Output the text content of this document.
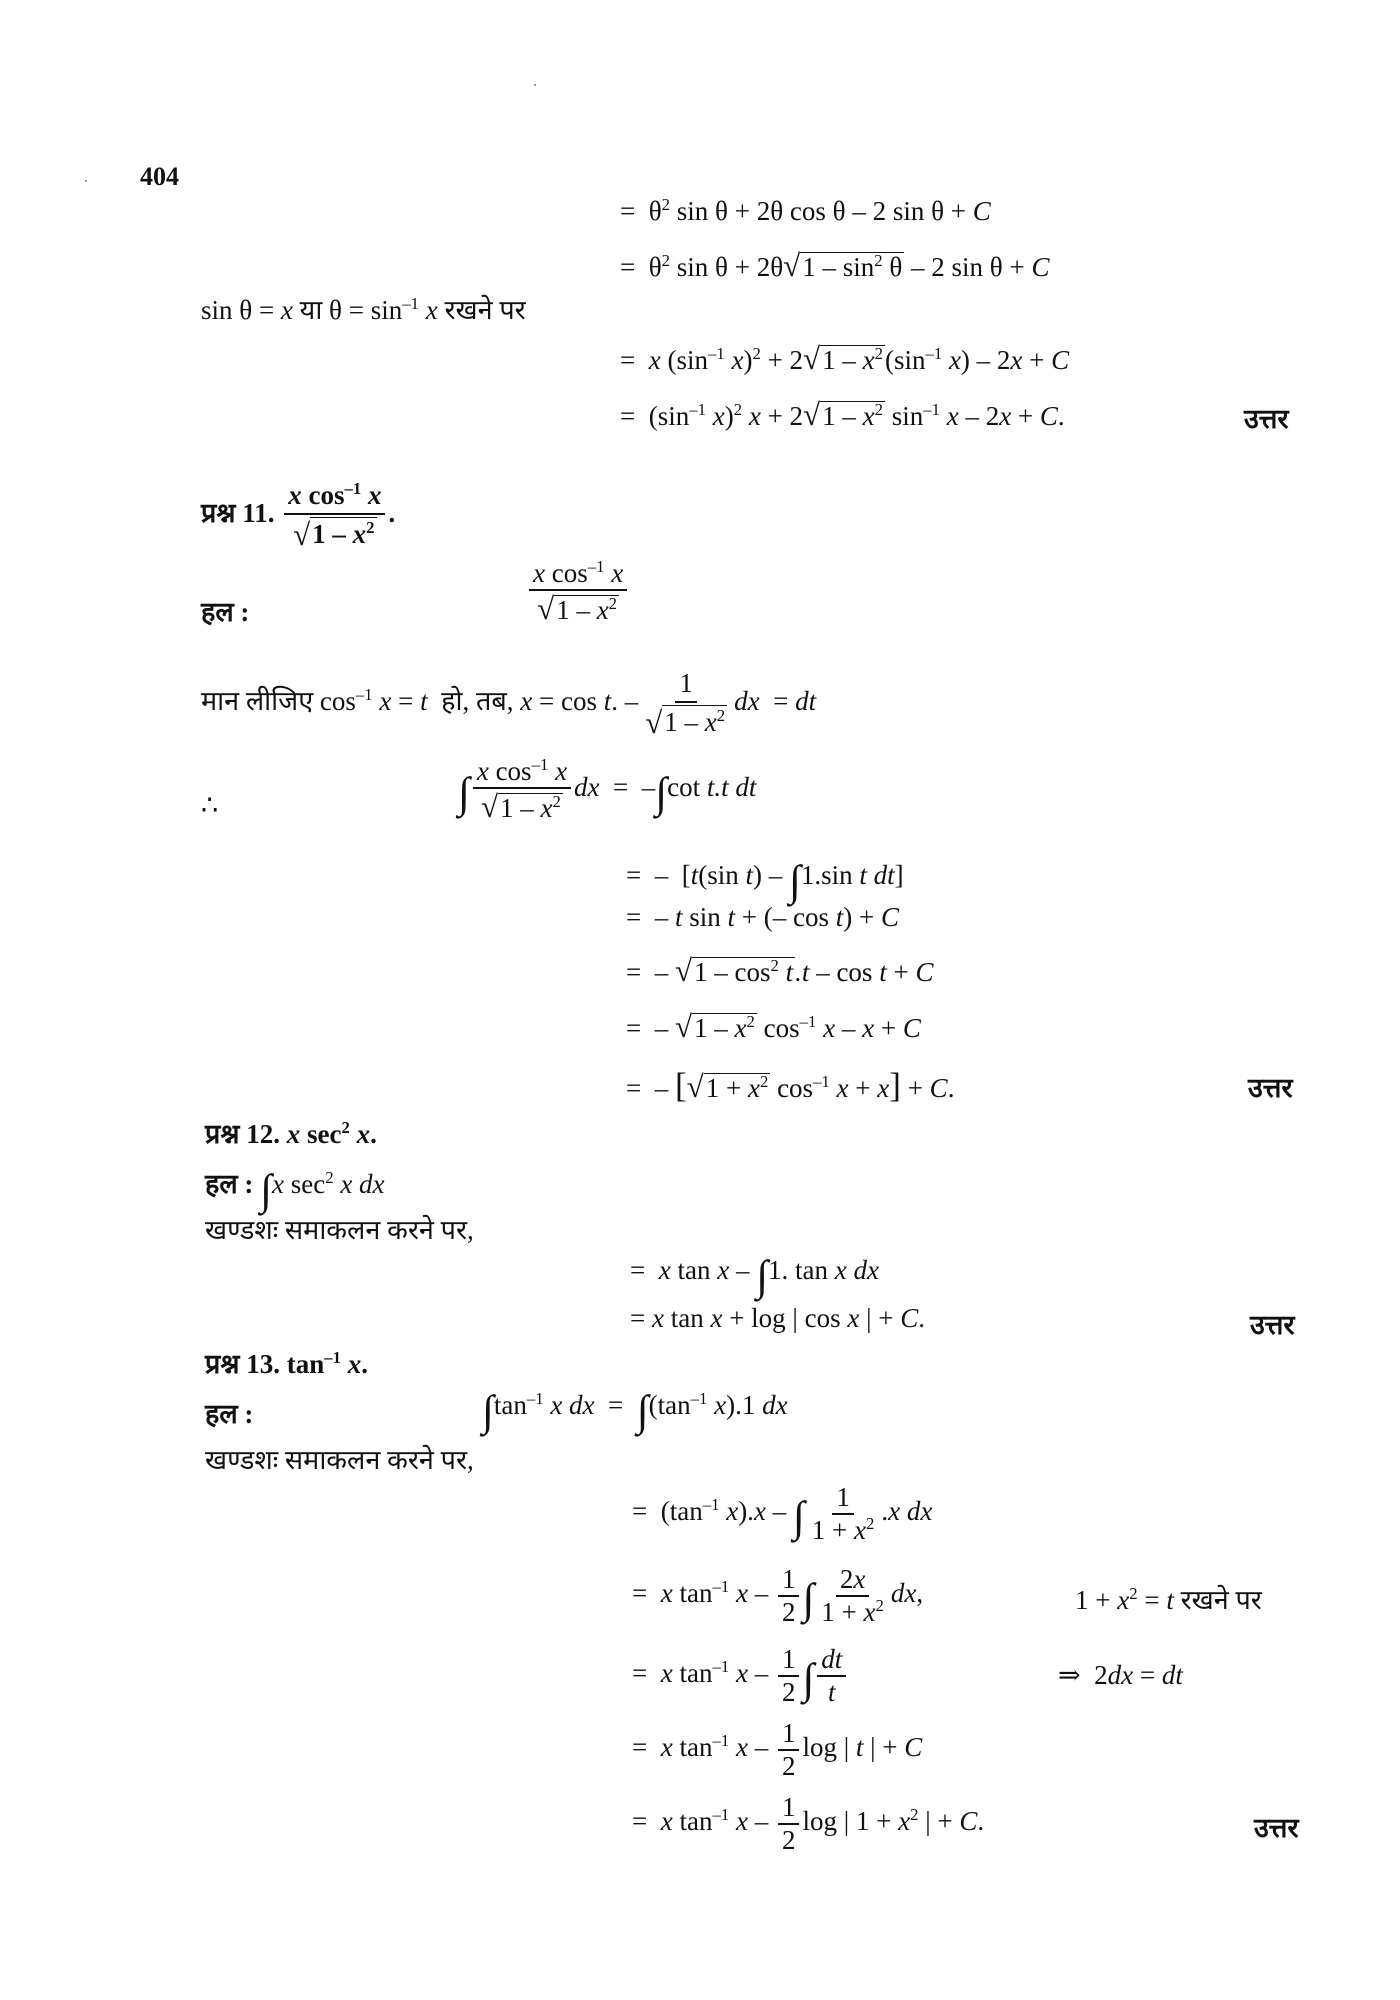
404
=  $\theta^2$ sin θ + 2θ cos θ – 2 sin θ + C
=  $\theta^2$ sin θ + 2θ √ $1 - \sin^2 \theta - 2$ sin θ + C
sin θ = x या $\theta = \sin^{-1} x$ रखने पर
=  x ($\sin^{-1}$ x)$^2$ + 2 √ $1 - x^2$ ($\sin^{-1}$ x) – 2x + C
=  ($\sin^{-1}$ x)$^2$ x + 2 √ $1 - x^2$ $\sin^{-1} x - 2x + C$.	उत्तर
प्रश्न 11. $\frac{x \cos^{-1} x}{√ 1 - x^2}$ .
हल :	$\frac{x \cos^{-1} x}{√ 1 - x^2}$
मान लीजिए $\cos^{-1} x = t$  हो, तब, x = cos t. – $\frac{1}{√ 1 - x^2}$ dx  = dt
∴	∫ $\frac{x \cos^{-1} x}{√ 1 - x^2}$ dx  =  –∫cot t.t dt
=  –  [t(sin t) – ∫1.sin t dt]
=  – t sin t + (– cos t) + C
=  – √ $1 - \cos^2 t$ .t – cos t + C
=  – √ $1 - x^2$ $\cos^{-1} x - x + C$
=  – [ √ $1 + x^2$ $\cos^{-1} x + x] + C$.	उत्तर
प्रश्न 12. x $\sec^2 x$.
हल : ∫x $\sec^2 x$ dx
खण्डशः समाकलन करने पर,
=  x tan x – ∫1. tan x dx
= x tan x + log | cos x | + C.	उत्तर
प्रश्न 13. $\tan^{-1} x$.
हल :	$\int\tan^{-1}$ x dx  =  $\int(\tan^{-1}$ x).1 dx
खण्डशः समाकलन करने पर,
=  ($\tan^{-1}$ x).x – ∫ $\frac{1}{1 + x^2} .x$ dx
=  x $\tan^{-1} x - \frac{1}{2}$ ∫ $\frac{2x}{1 + x^2}$ dx,	$1 + x^2 = t$ रखने पर
=  x $\tan^{-1} x - \frac{1}{2}$ ∫ $\frac{dt}{t}$	⇒  2dx = dt
=  x $\tan^{-1} x - \frac{1}{2}$ log | t | + C
=  x $\tan^{-1} x - \frac{1}{2}$ log | $1 + x^2$ | + C.	उत्तर
